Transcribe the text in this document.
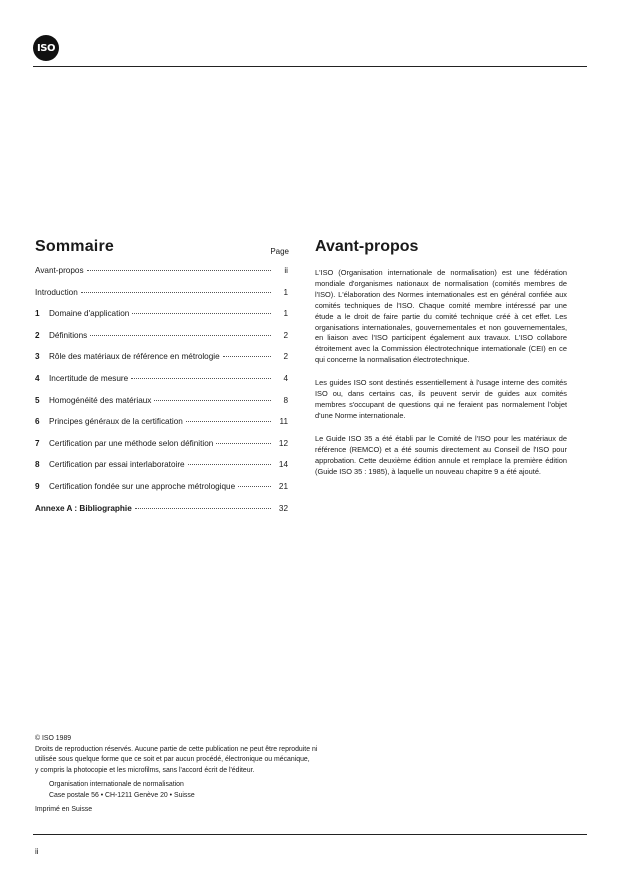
ISO
Sommaire	Page
Avant-propos	ii
Introduction	1
1	Domaine d'application	1
2	Définitions	2
3	Rôle des matériaux de référence en métrologie	2
4	Incertitude de mesure	4
5	Homogénéité des matériaux	8
6	Principes généraux de la certification	11
7	Certification par une méthode selon définition	12
8	Certification par essai interlaboratoire	14
9	Certification fondée sur une approche métrologique	21
Annexe A : Bibliographie	32
Avant-propos

L'ISO (Organisation internationale de normalisation) est une fédération mondiale d'organismes nationaux de normalisation (comités membres de l'ISO). L'élaboration des Normes internationales est en général confiée aux comités techniques de l'ISO. Chaque comité membre intéressé par une étude a le droit de faire partie du comité technique créé à cet effet. Les organisations internationales, gouvernementales et non gouvernementales, en liaison avec l'ISO participent également aux travaux. L'ISO collabore étroitement avec la Commission électrotechnique internationale (CEI) en ce qui concerne la normalisation électrotechnique.

Les guides ISO sont destinés essentiellement à l'usage interne des comités ISO ou, dans certains cas, ils peuvent servir de guides aux comités membres s'occupant de questions qui ne feraient pas normalement l'objet d'une Norme internationale.

Le Guide ISO 35 a été établi par le Comité de l'ISO pour les matériaux de référence (REMCO) et a été soumis directement au Conseil de l'ISO pour approbation. Cette deuxième édition annule et remplace la première édition (Guide ISO 35 : 1985), à laquelle un nouveau chapitre 9 a été ajouté.

© ISO 1989
Droits de reproduction réservés. Aucune partie de cette publication ne peut être reproduite ni
utilisée sous quelque forme que ce soit et par aucun procédé, électronique ou mécanique,
y compris la photocopie et les microfilms, sans l'accord écrit de l'éditeur.
Organisation internationale de normalisation
Case postale 56 • CH-1211 Genève 20 • Suisse
Imprimé en Suisse
ii
